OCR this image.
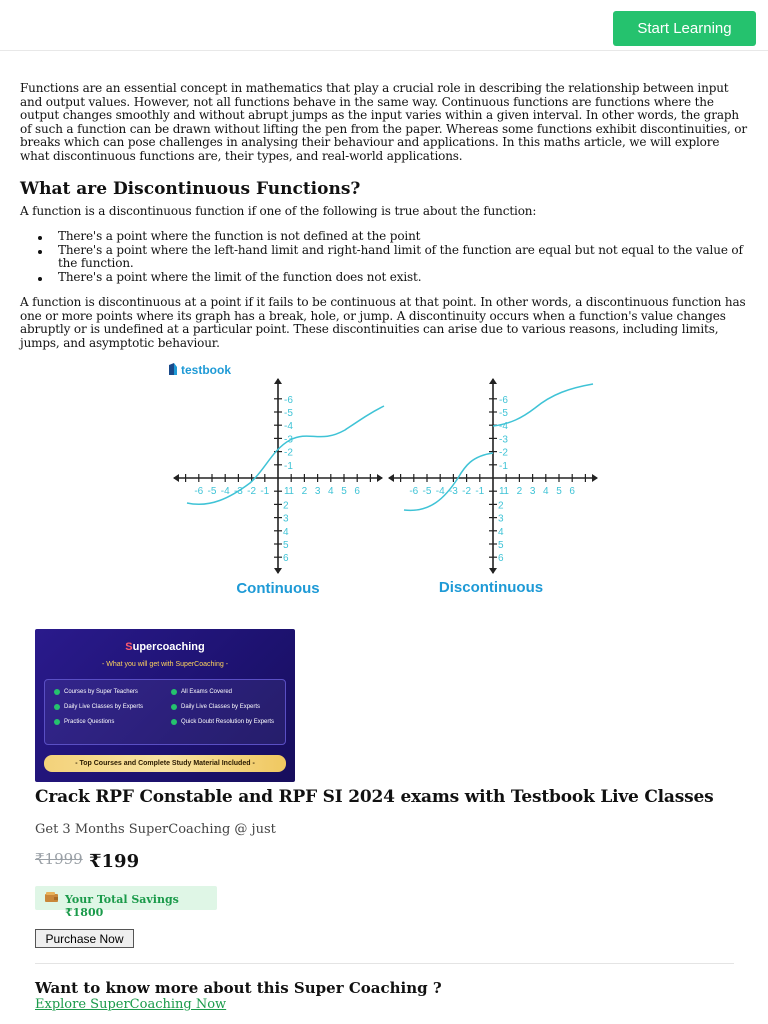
Start Learning

Functions are an essential concept in mathematics that play a crucial role in describing the relationship between input and output values. However, not all functions behave in the same way. Continuous functions are functions where the output changes smoothly and without abrupt jumps as the input varies within a given interval. In other words, the graph of such a function can be drawn without lifting the pen from the paper. Whereas some functions exhibit discontinuities, or breaks which can pose challenges in analysing their behaviour and applications. In this maths article, we will explore what discontinuous functions are, their types, and real-world applications.

What are Discontinuous Functions?

A function is a discontinuous function if one of the following is true about the function:

There's a point where the function is not defined at the point
There's a point where the left-hand limit and right-hand limit of the function are equal but not equal to the value of the function.
There's a point where the limit of the function does not exist.

A function is discontinuous at a point if it fails to be continuous at that point. In other words, a discontinuous function has one or more points where its graph has a break, hole, or jump. A discontinuity occurs when a function's value changes abruptly or is undefined at a particular point. These discontinuities can arise due to various reasons, including limits, jumps, and asymptotic behaviour.

testbook
-6 -5 -4 -3 -2 -1 1 2 3 4 5 6
1
-6
-5
-4
-3
-2
-1
2
3
4
5
6
-6 -5 -4 -3 -2 -1 1 2 3 4 5 6
1
-6
-5
-4
-3
-2
-1
2
3
4
5
6
Continuous	Discontinuous
Supercoaching
- What you will get with SuperCoaching -
Courses by Super Teachers	All Exams Covered
Daily Live Classes by Experts	Daily Live Classes by Experts
Practice Questions	Quick Doubt Resolution by Experts
- Top Courses and Complete Study Material Included -
Crack RPF Constable and RPF SI 2024 exams with Testbook Live Classes
Get 3 Months SuperCoaching @ just
₹1999 ₹199
Your Total Savings ₹1800
Purchase Now
Want to know more about this Super Coaching ?
Explore SuperCoaching Now
